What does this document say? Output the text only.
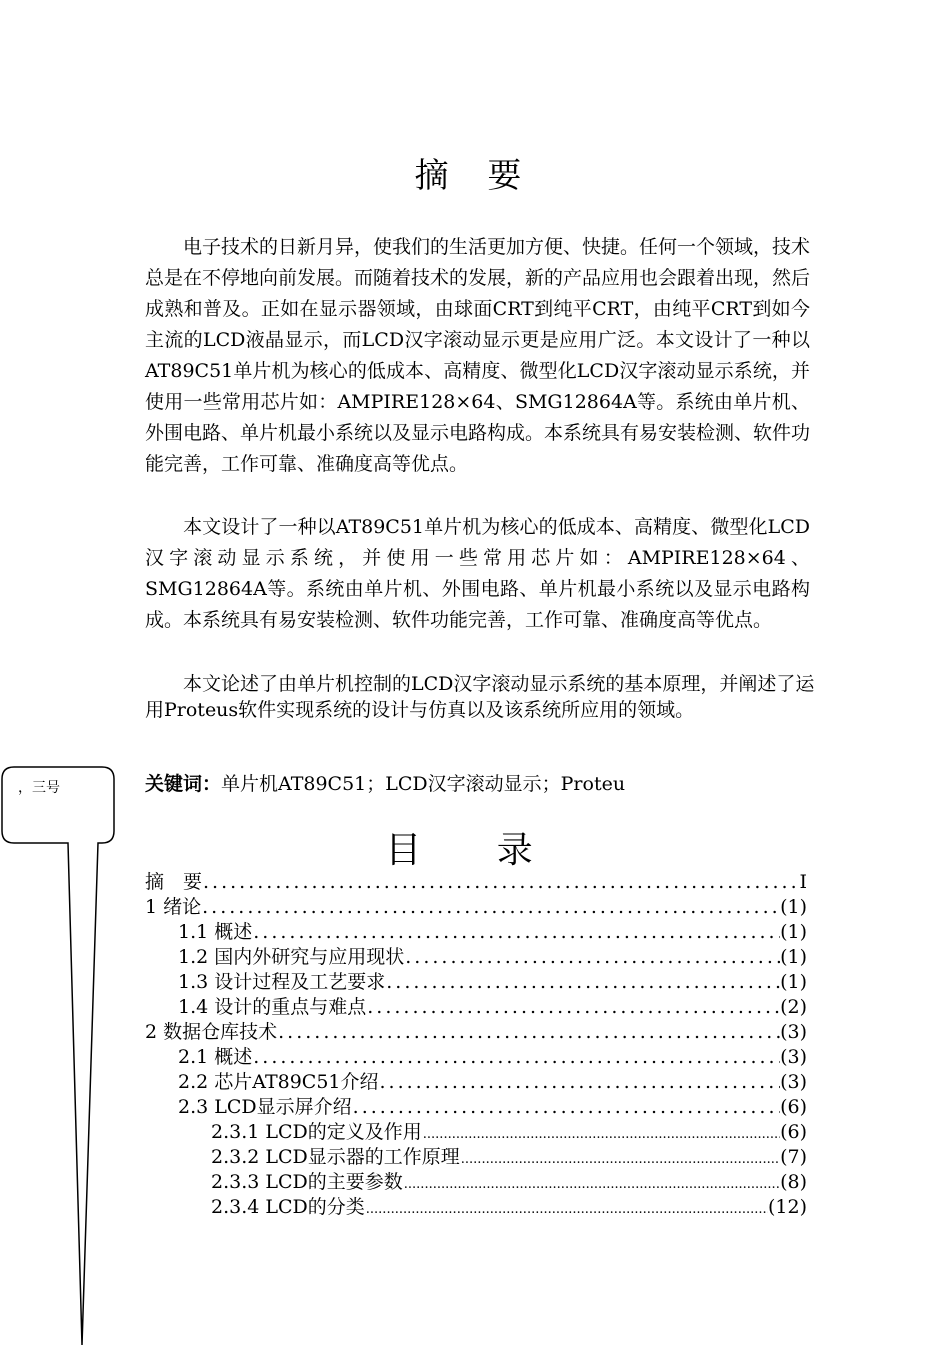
摘 要

电子技术的日新月异，使我们的生活更加方便、快捷。任何一个领域，技术总是在不停地向前发展。而随着技术的发展，新的产品应用也会跟着出现，然后成熟和普及。正如在显示器领域，由球面CRT到纯平CRT，由纯平CRT到如今主流的LCD液晶显示，而LCD汉字滚动显示更是应用广泛。本文设计了一种以AT89C51单片机为核心的低成本、高精度、微型化LCD汉字滚动显示系统，并使用一些常用芯片如：AMPIRE128×64、SMG12864A等。系统由单片机、外围电路、单片机最小系统以及显示电路构成。本系统具有易安装检测、软件功能完善，工作可靠、准确度高等优点。

本文设计了一种以AT89C51单片机为核心的低成本、高精度、微型化LCD汉字滚动显示系统，并使用一些常用芯片如：AMPIRE128×64、SMG12864A等。系统由单片机、外围电路、单片机最小系统以及显示电路构成。本系统具有易安装检测、软件功能完善，工作可靠、准确度高等优点。

本文论述了由单片机控制的LCD汉字滚动显示系统的基本原理，并阐述了运用Proteus软件实现系统的设计与仿真以及该系统所应用的领域。

关键词：单片机AT89C51；LCD汉字滚动显示；Proteu

，三号

目 录
摘　要 .....	I
1 绪论 .....	(1)
1.1 概述 .....	(1)
1.2 国内外研究与应用现状 .....	(1)
1.3 设计过程及工艺要求 .....	(1)
1.4 设计的重点与难点 .....	(2)
2 数据仓库技术 .....	(3)
2.1 概述 .....	(3)
2.2 芯片AT89C51介绍 .....	(3)
2.3 LCD显示屏介绍 .....	(6)
2.3.1 LCD的定义及作用 .....	(6)
2.3.2 LCD显示器的工作原理 .....	(7)
2.3.3 LCD的主要参数 .....	(8)
2.3.4 LCD的分类 .....	(12)
